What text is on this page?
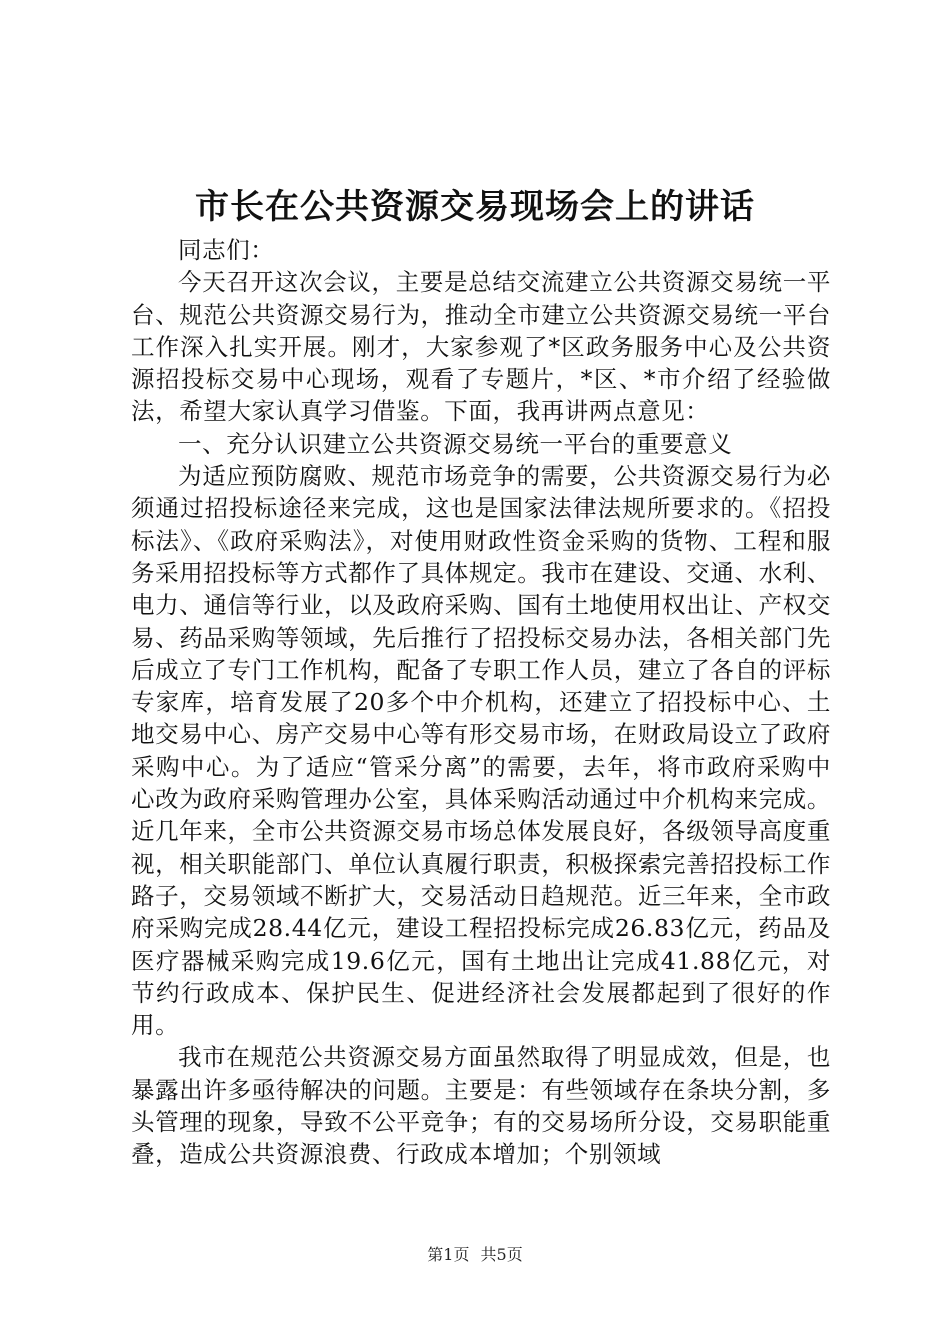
市长在公共资源交易现场会上的讲话

同志们：

今天召开这次会议，主要是总结交流建立公共资源交易统一平台、规范公共资源交易行为，推动全市建立公共资源交易统一平台工作深入扎实开展。刚才，大家参观了*区政务服务中心及公共资源招投标交易中心现场，观看了专题片，*区、*市介绍了经验做法，希望大家认真学习借鉴。下面，我再讲两点意见：

一、充分认识建立公共资源交易统一平台的重要意义

为适应预防腐败、规范市场竞争的需要，公共资源交易行为必须通过招投标途径来完成，这也是国家法律法规所要求的。《招投标法》、《政府采购法》，对使用财政性资金采购的货物、工程和服务采用招投标等方式都作了具体规定。我市在建设、交通、水利、电力、通信等行业，以及政府采购、国有土地使用权出让、产权交易、药品采购等领域，先后推行了招投标交易办法，各相关部门先后成立了专门工作机构，配备了专职工作人员，建立了各自的评标专家库，培育发展了20多个中介机构，还建立了招投标中心、土地交易中心、房产交易中心等有形交易市场，在财政局设立了政府采购中心。为了适应“管采分离”的需要，去年，将市政府采购中心改为政府采购管理办公室，具体采购活动通过中介机构来完成。近几年来，全市公共资源交易市场总体发展良好，各级领导高度重视，相关职能部门、单位认真履行职责，积极探索完善招投标工作路子，交易领域不断扩大，交易活动日趋规范。近三年来，全市政府采购完成28.44亿元，建设工程招投标完成26.83亿元，药品及医疗器械采购完成19.6亿元，国有土地出让完成41.88亿元，对节约行政成本、保护民生、促进经济社会发展都起到了很好的作用。

我市在规范公共资源交易方面虽然取得了明显成效，但是，也暴露出许多亟待解决的问题。主要是：有些领域存在条块分割，多头管理的现象，导致不公平竞争；有的交易场所分设，交易职能重叠，造成公共资源浪费、行政成本增加；个别领域

第1页 共5页
